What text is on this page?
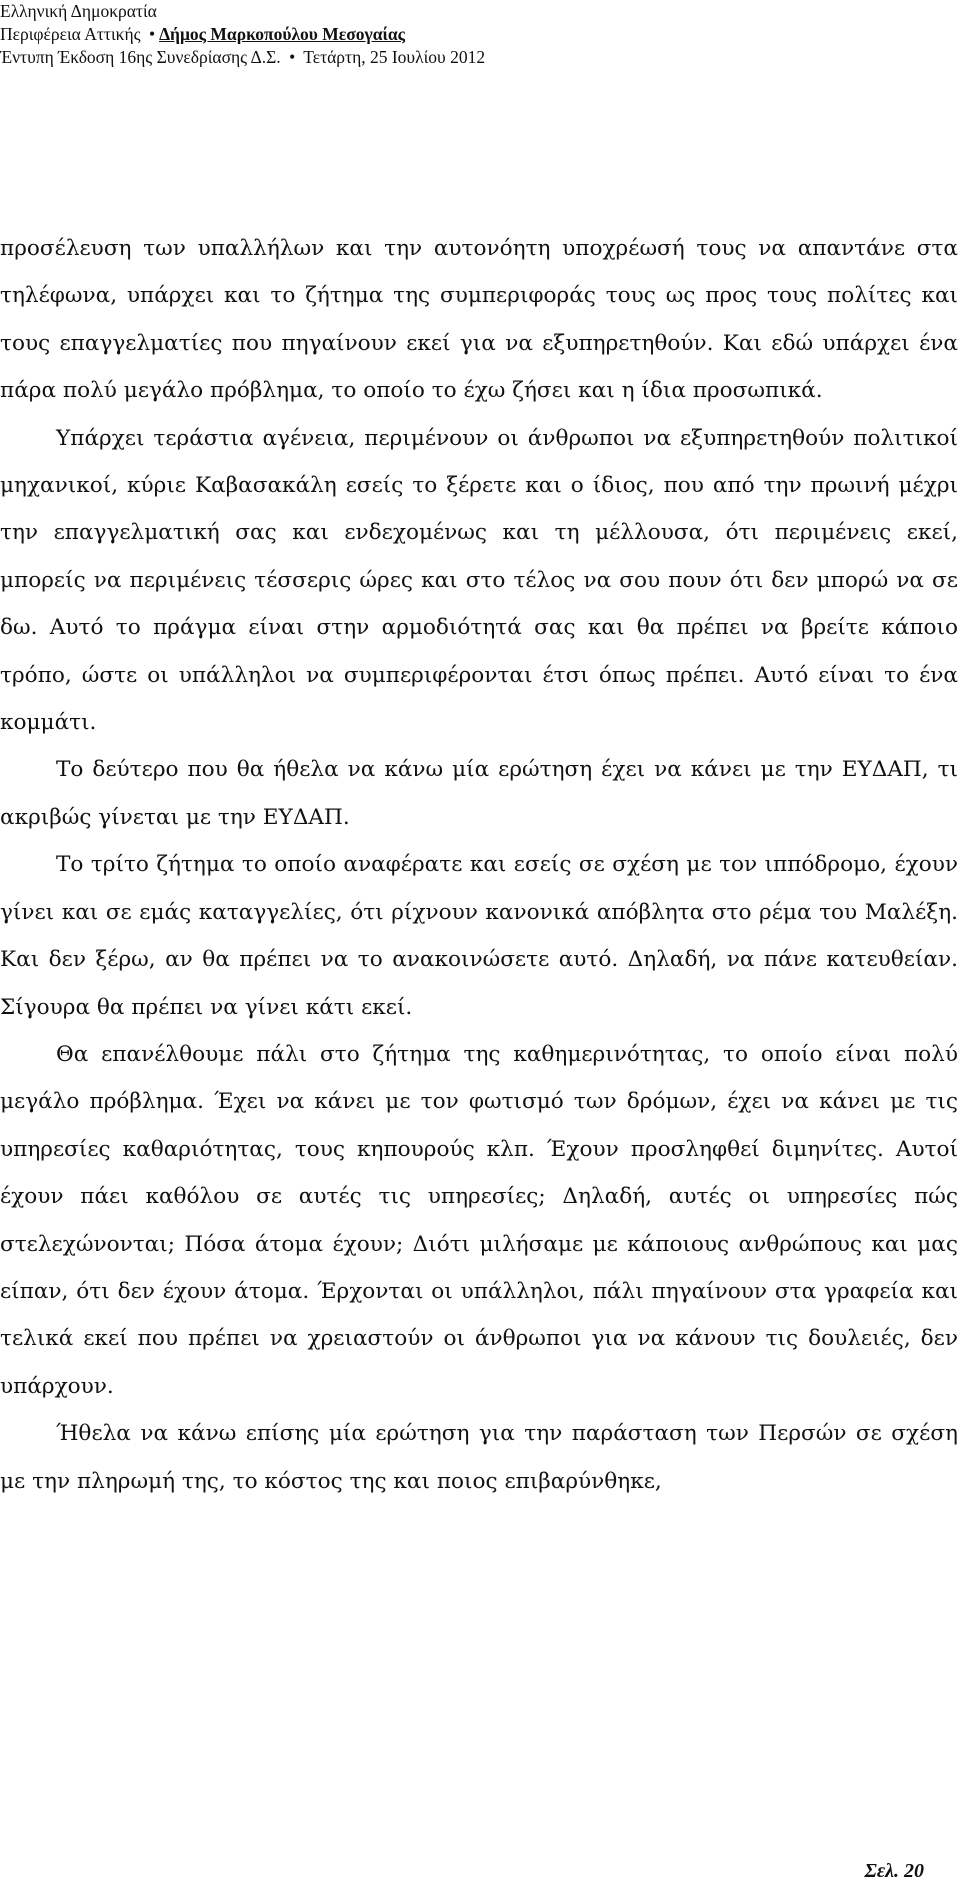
Ελληνική Δημοκρατία
Περιφέρεια Αττικής • Δήμος Μαρκοπούλου Μεσογαίας
Έντυπη Έκδοση 16ης Συνεδρίασης Δ.Σ. • Τετάρτη, 25 Ιουλίου 2012

προσέλευση των υπαλλήλων και την αυτονόητη υποχρέωσή τους να απαντάνε στα τηλέφωνα, υπάρχει και το ζήτημα της συμπεριφοράς τους ως προς τους πολίτες και τους επαγγελματίες που πηγαίνουν εκεί για να εξυπηρετηθούν. Και εδώ υπάρχει ένα πάρα πολύ μεγάλο πρόβλημα, το οποίο το έχω ζήσει και η ίδια προσωπικά.

Υπάρχει τεράστια αγένεια, περιμένουν οι άνθρωποι να εξυπηρετηθούν πολιτικοί μηχανικοί, κύριε Καβασακάλη εσείς το ξέρετε και ο ίδιος, που από την πρωινή μέχρι την επαγγελματική σας και ενδεχομένως και τη μέλλουσα, ότι περιμένεις εκεί, μπορείς να περιμένεις τέσσερις ώρες και στο τέλος να σου πουν ότι δεν μπορώ να σε δω. Αυτό το πράγμα είναι στην αρμοδιότητά σας και θα πρέπει να βρείτε κάποιο τρόπο, ώστε οι υπάλληλοι να συμπεριφέρονται έτσι όπως πρέπει. Αυτό είναι το ένα κομμάτι.

Το δεύτερο που θα ήθελα να κάνω μία ερώτηση έχει να κάνει με την ΕΥΔΑΠ, τι ακριβώς γίνεται με την ΕΥΔΑΠ.

Το τρίτο ζήτημα το οποίο αναφέρατε και εσείς σε σχέση με τον ιππόδρομο, έχουν γίνει και σε εμάς καταγγελίες, ότι ρίχνουν κανονικά απόβλητα στο ρέμα του Μαλέξη. Και δεν ξέρω, αν θα πρέπει να το ανακοινώσετε αυτό. Δηλαδή, να πάνε κατευθείαν. Σίγουρα θα πρέπει να γίνει κάτι εκεί.

Θα επανέλθουμε πάλι στο ζήτημα της καθημερινότητας, το οποίο είναι πολύ μεγάλο πρόβλημα. Έχει να κάνει με τον φωτισμό των δρόμων, έχει να κάνει με τις υπηρεσίες καθαριότητας, τους κηπουρούς κλπ. Έχουν προσληφθεί διμηνίτες. Αυτοί έχουν πάει καθόλου σε αυτές τις υπηρεσίες; Δηλαδή, αυτές οι υπηρεσίες πώς στελεχώνονται; Πόσα άτομα έχουν; Διότι μιλήσαμε με κάποιους ανθρώπους και μας είπαν, ότι δεν έχουν άτομα. Έρχονται οι υπάλληλοι, πάλι πηγαίνουν στα γραφεία και τελικά εκεί που πρέπει να χρειαστούν οι άνθρωποι για να κάνουν τις δουλειές, δεν υπάρχουν.

Ήθελα να κάνω επίσης μία ερώτηση για την παράσταση των Περσών σε σχέση με την πληρωμή της, το κόστος της και ποιος επιβαρύνθηκε,

Σελ. 20
